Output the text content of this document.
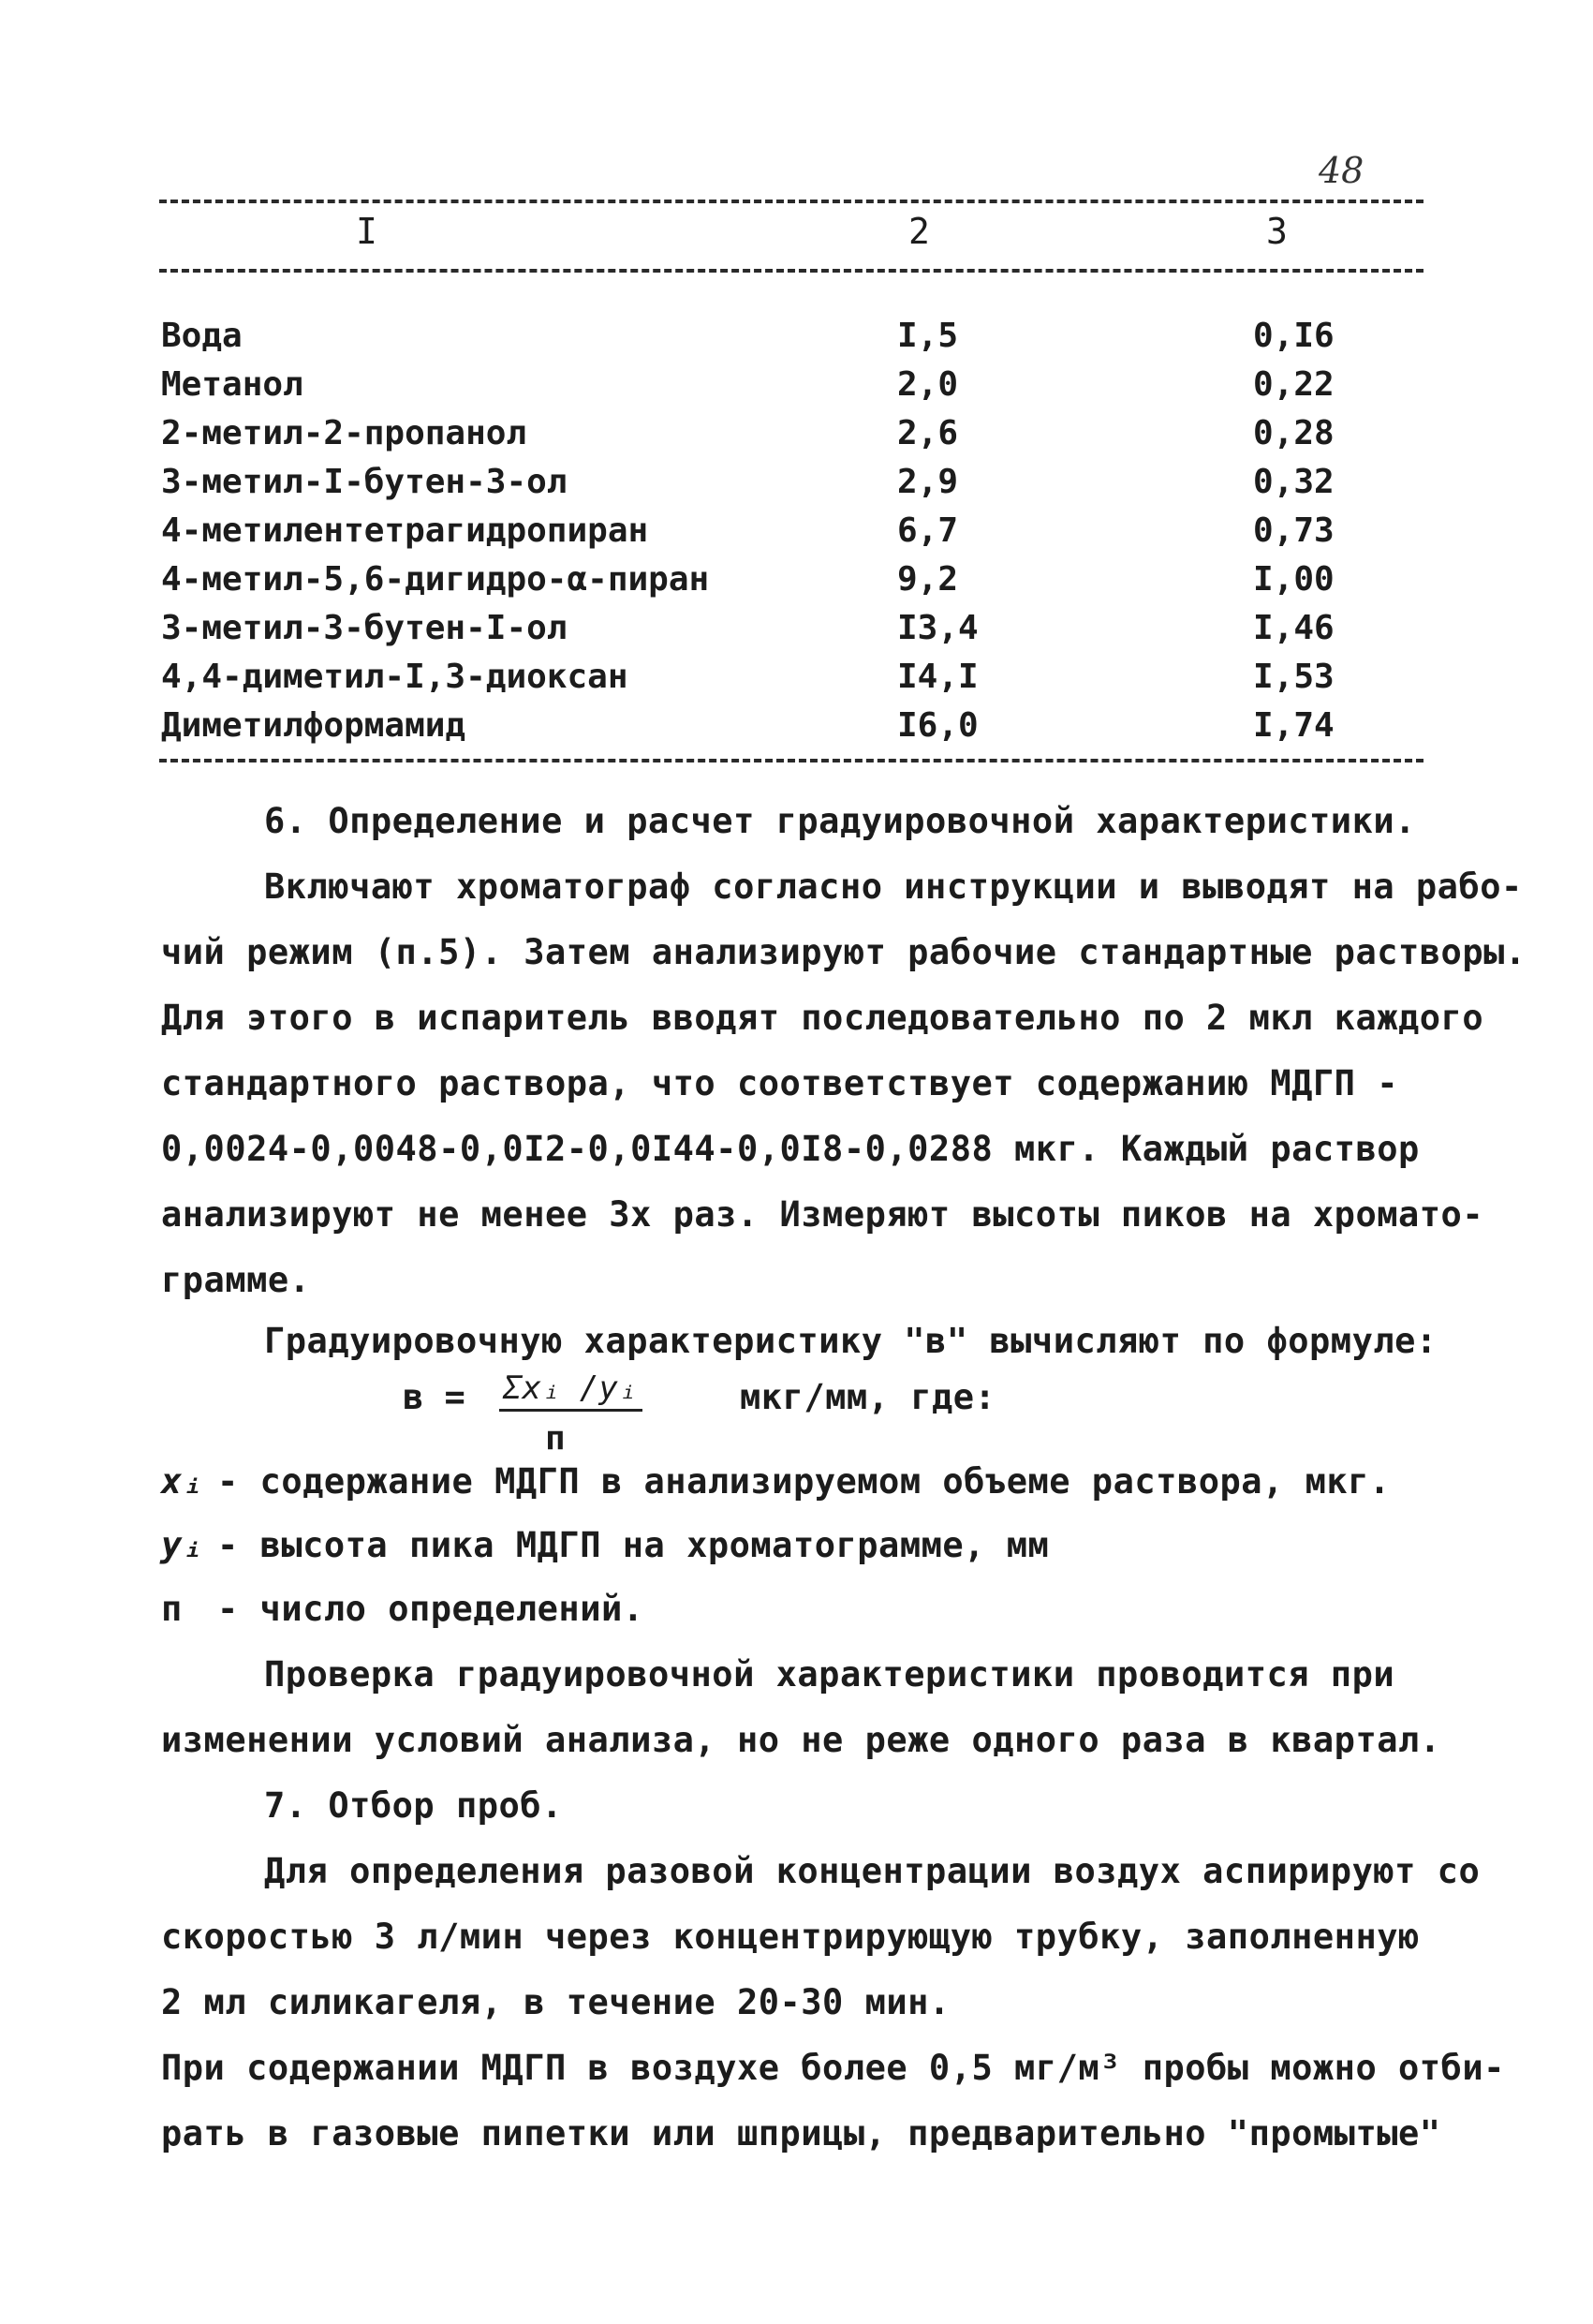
48
I	2	3
Вода	I,5	0,I6
Метанол	2,0	0,22
2-метил-2-пропанол	2,6	0,28
3-метил-I-бутен-3-ол	2,9	0,32
4-метилентетрагидропиран	6,7	0,73
4-метил-5,6-дигидро-α-пиран	9,2	I,00
3-метил-3-бутен-I-ол	I3,4	I,46
4,4-диметил-I,3-диоксан	I4,I	I,53
Диметилформамид	I6,0	I,74
6. Определение и расчет градуировочной характеристики.
Включают хроматограф согласно инструкции и выводят на рабо-
чий режим (п.5). Затем анализируют рабочие стандартные растворы.
Для этого в испаритель вводят последовательно по 2 мкл каждого
стандартного раствора, что соответствует содержанию МДГП -
0,0024-0,0048-0,0I2-0,0I44-0,0I8-0,0288 мкг. Каждый раствор
анализируют не менее 3х раз. Измеряют высоты пиков на хромато-
грамме.
Градуировочную характеристику "в" вычисляют по формуле:
в = Σxᵢ /yᵢ
п
мкг/мм, где:
xᵢ - содержание МДГП в анализируемом объеме раствора, мкг.
yᵢ - высота пика МДГП на хроматограмме, мм
п - число определений.
Проверка градуировочной характеристики проводится при
изменении условий анализа, но не реже одного раза в квартал.
7. Отбор проб.
Для определения разовой концентрации воздух аспирируют со
скоростью 3 л/мин через концентрирующую трубку, заполненную
2 мл силикагеля, в течение 20-30 мин.
При содержании МДГП в воздухе более 0,5 мг/м³ пробы можно отби-
рать в газовые пипетки или шприцы, предварительно "промытые"
